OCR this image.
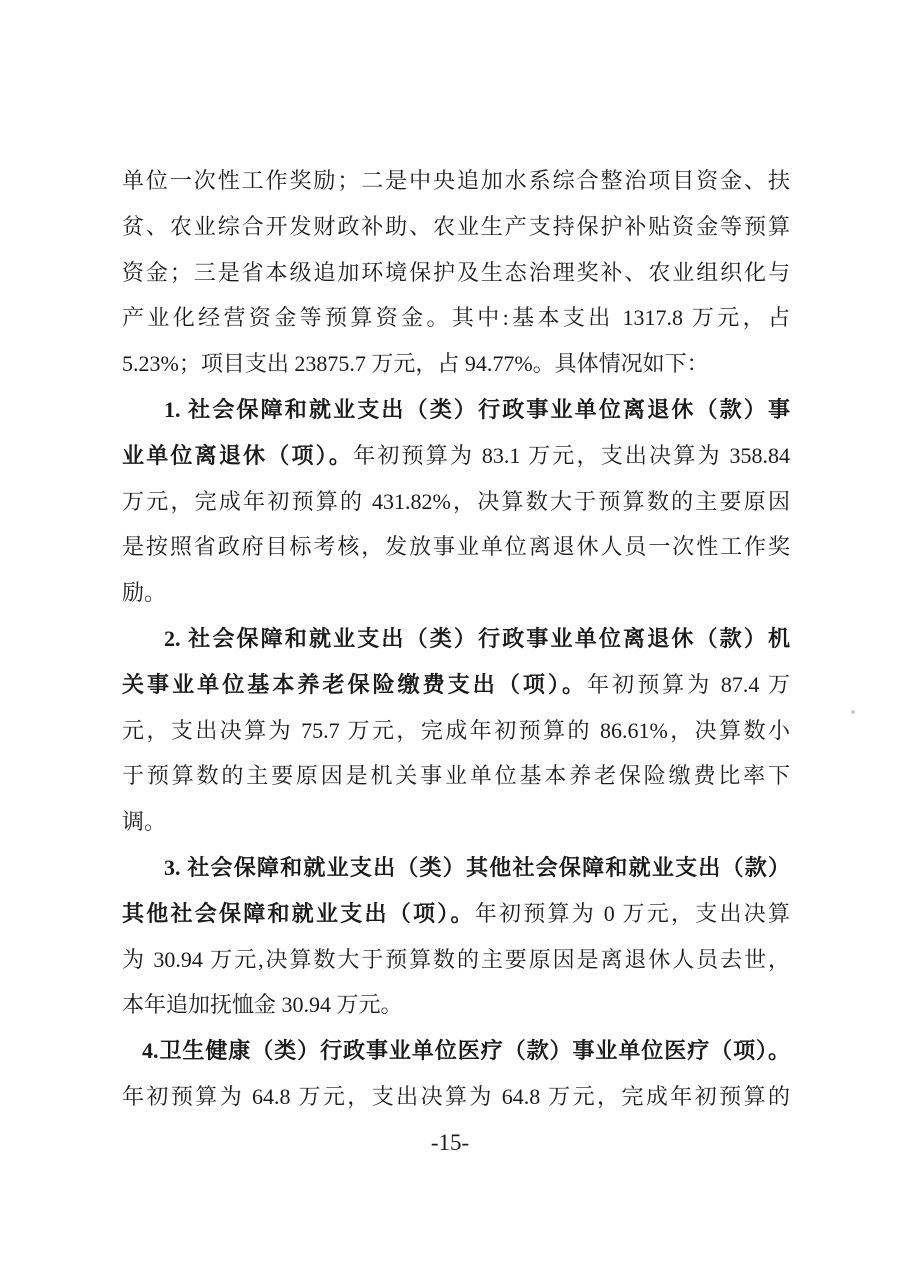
单位一次性工作奖励；二是中央追加水系综合整治项目资金、扶
贫、农业综合开发财政补助、农业生产支持保护补贴资金等预算
资金；三是省本级追加环境保护及生态治理奖补、农业组织化与
产业化经营资金等预算资金。其中:基本支出 1317.8 万元，占
5.23%；项目支出 23875.7 万元，占 94.77%。具体情况如下：
1. 社会保障和就业支出（类）行政事业单位离退休（款）事
业单位离退休（项）。年初预算为 83.1 万元，支出决算为 358.84
万元，完成年初预算的 431.82%，决算数大于预算数的主要原因
是按照省政府目标考核，发放事业单位离退休人员一次性工作奖
励。
2. 社会保障和就业支出（类）行政事业单位离退休（款）机
关事业单位基本养老保险缴费支出（项）。年初预算为 87.4 万
元，支出决算为 75.7 万元，完成年初预算的 86.61%，决算数小
于预算数的主要原因是机关事业单位基本养老保险缴费比率下
调。
3. 社会保障和就业支出（类）其他社会保障和就业支出（款）
其他社会保障和就业支出（项）。年初预算为 0 万元，支出决算
为 30.94 万元,决算数大于预算数的主要原因是离退休人员去世，
本年追加抚恤金 30.94 万元。
4.卫生健康（类）行政事业单位医疗（款）事业单位医疗（项）。
年初预算为 64.8 万元，支出决算为 64.8 万元，完成年初预算的
-15-
